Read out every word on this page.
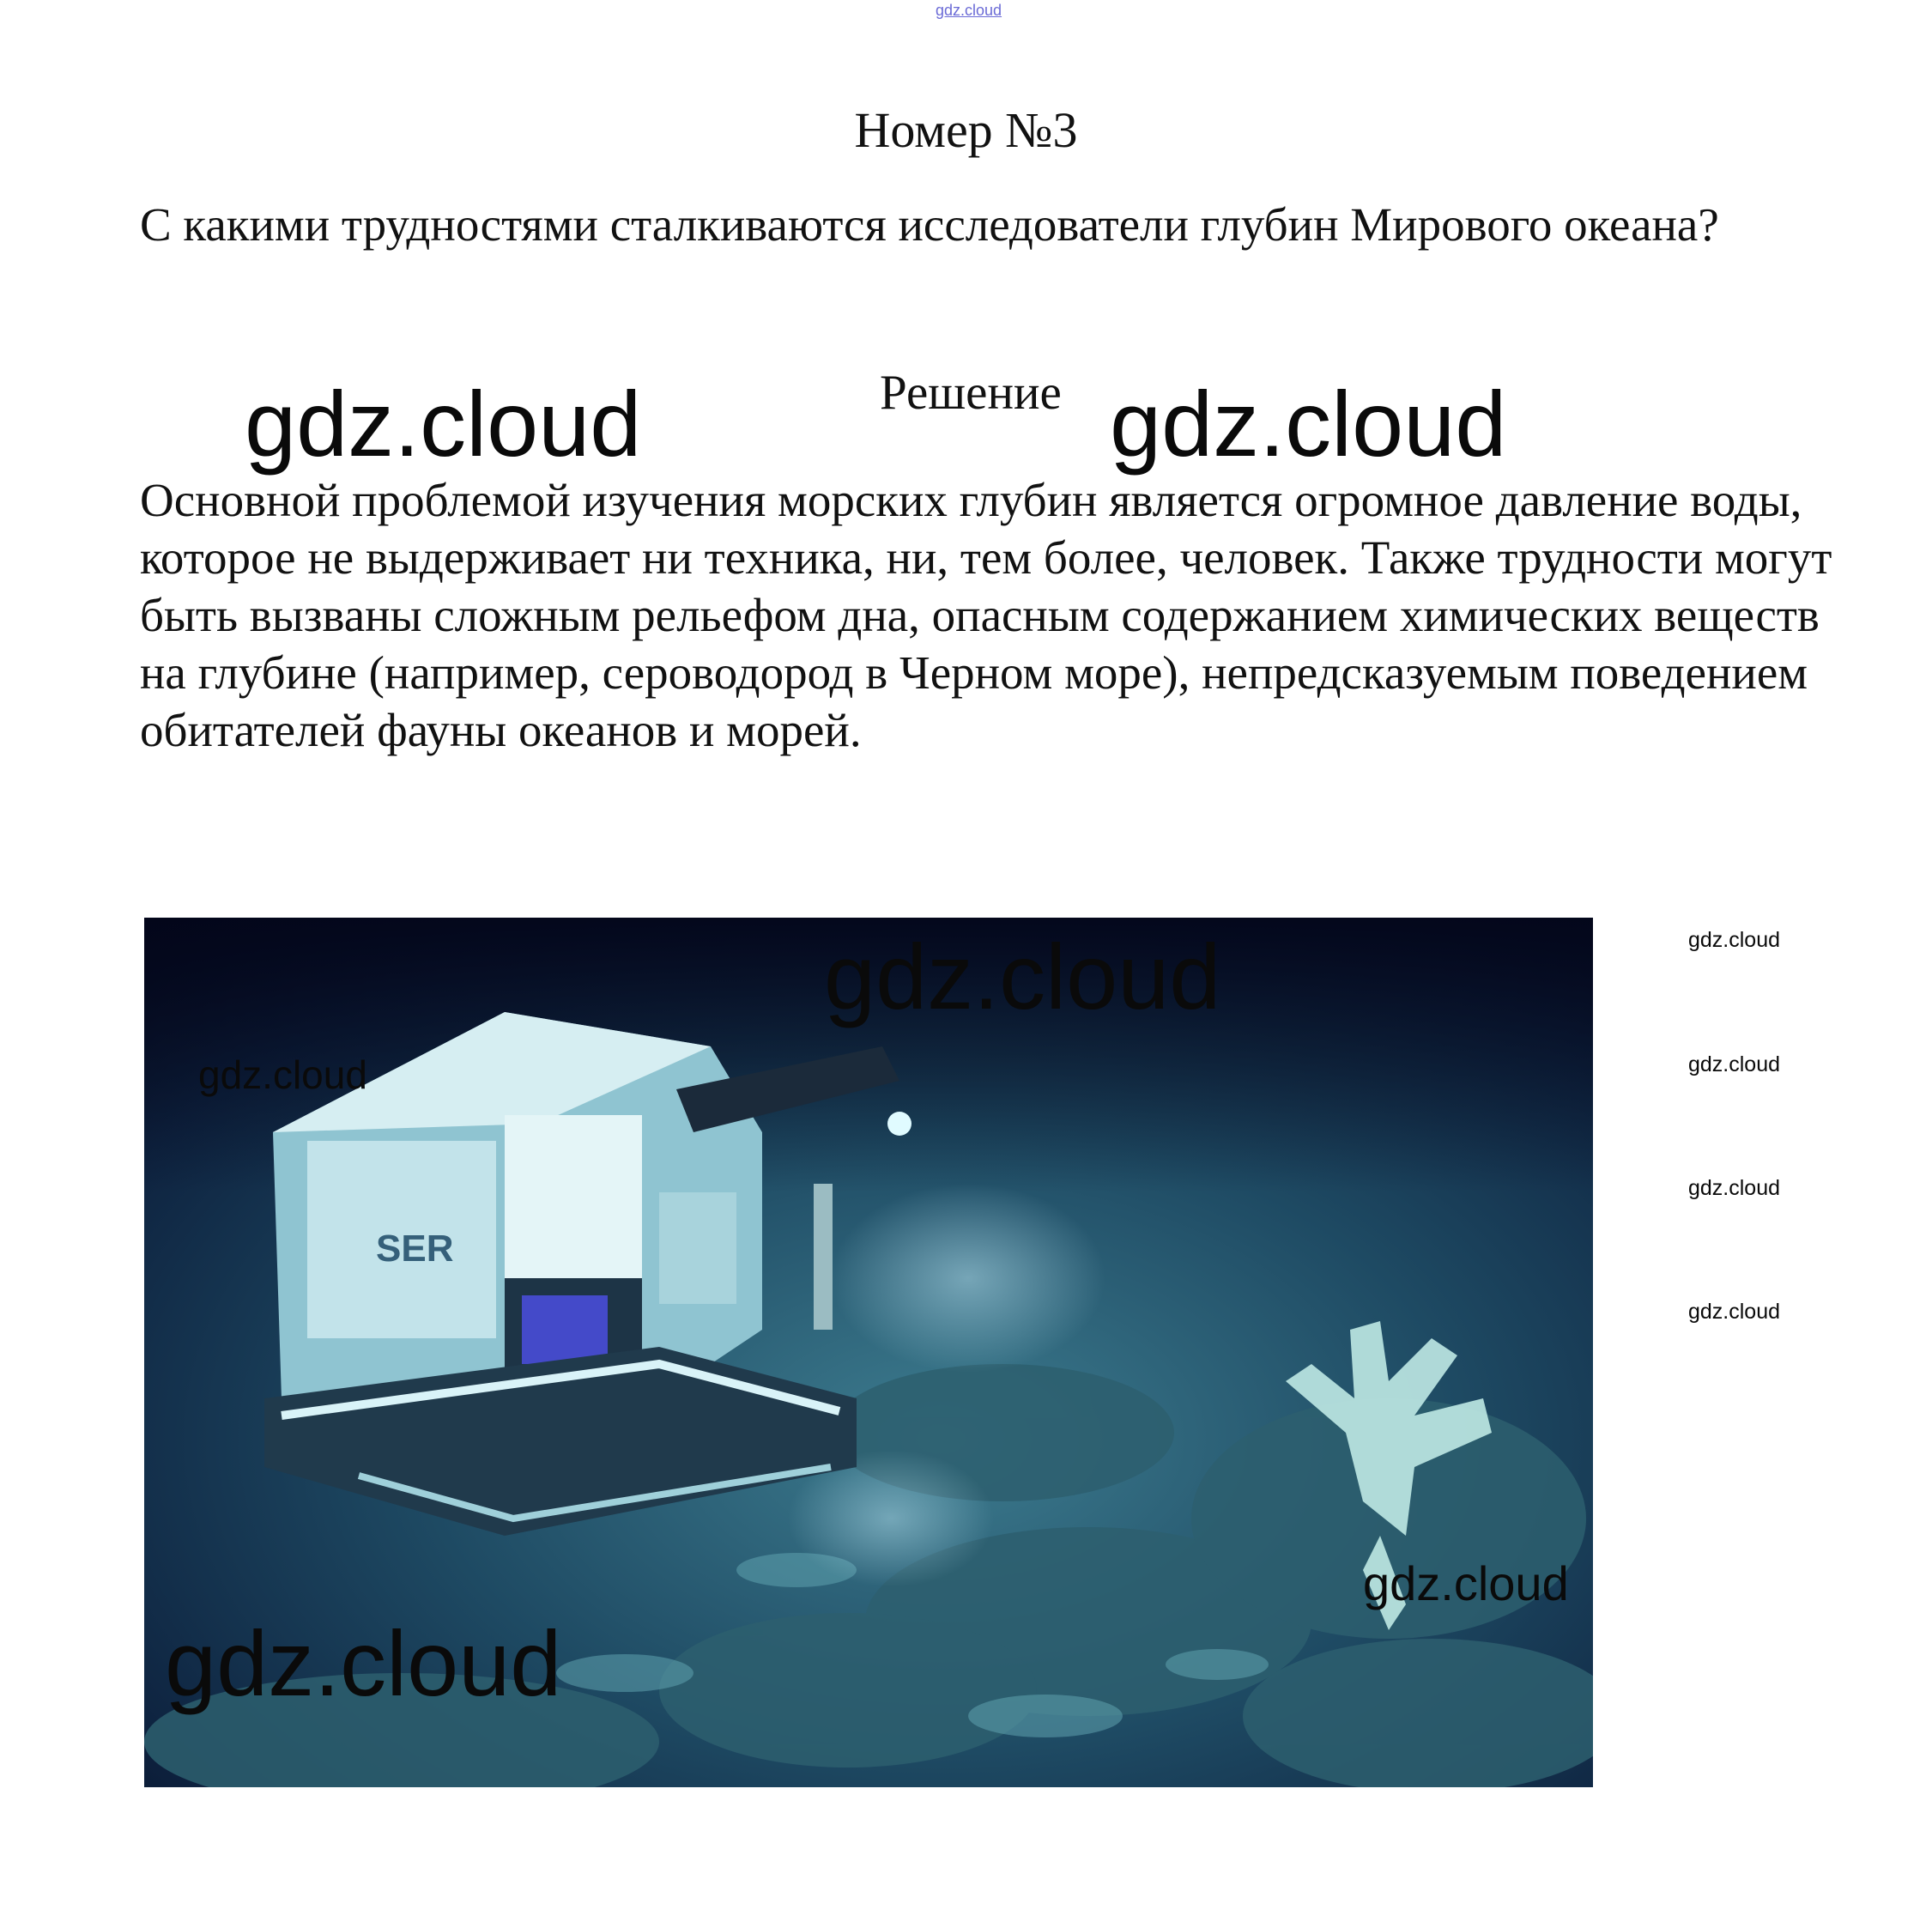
gdz.cloud
Номер №3
С какими трудностями сталкиваются исследователи глубин Мирового океана?
gdz.cloud	Решение gdz.cloud
Основной проблемой изучения морских глубин является огромное давление воды, которое не выдерживает ни техника, ни, тем более, человек. Также трудности могут быть вызваны сложным рельефом дна, опасным содержанием химических веществ на глубине (например, сероводород в Черном море), непредсказуемым поведением обитателей фауны океанов и морей.
SER
gdz.cloud
gdz.cloud
gdz.cloud
gdz.cloud
gdz.cloud
gdz.cloud
gdz.cloud
gdz.cloud
